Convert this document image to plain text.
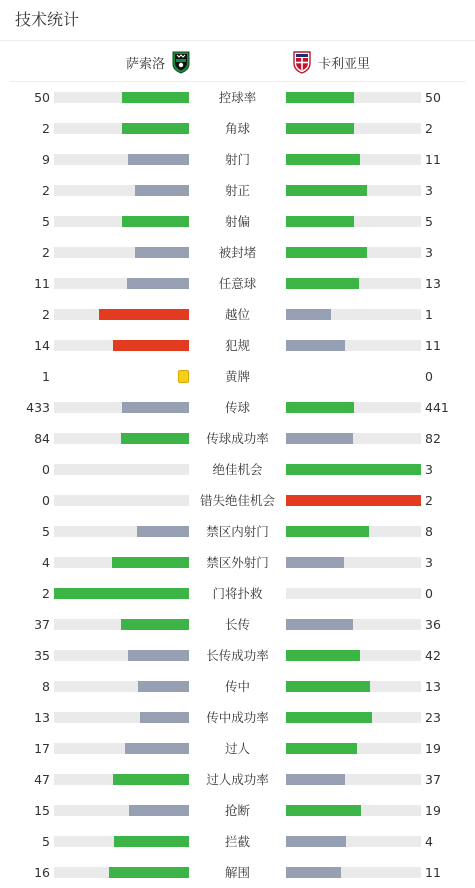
技术统计
萨索洛	卡利亚里
50	控球率	50
2	角球	2
9	射门	11
2	射正	3
5	射偏	5
2	被封堵	3
11	任意球	13
2	越位	1
14	犯规	11
1	黄牌	0
433	传球	441
84	传球成功率	82
0	绝佳机会	3
0	错失绝佳机会	2
5	禁区内射门	8
4	禁区外射门	3
2	门将扑救	0
37	长传	36
35	长传成功率	42
8	传中	13
13	传中成功率	23
17	过人	19
47	过人成功率	37
15	抢断	19
5	拦截	4
16	解围	11
